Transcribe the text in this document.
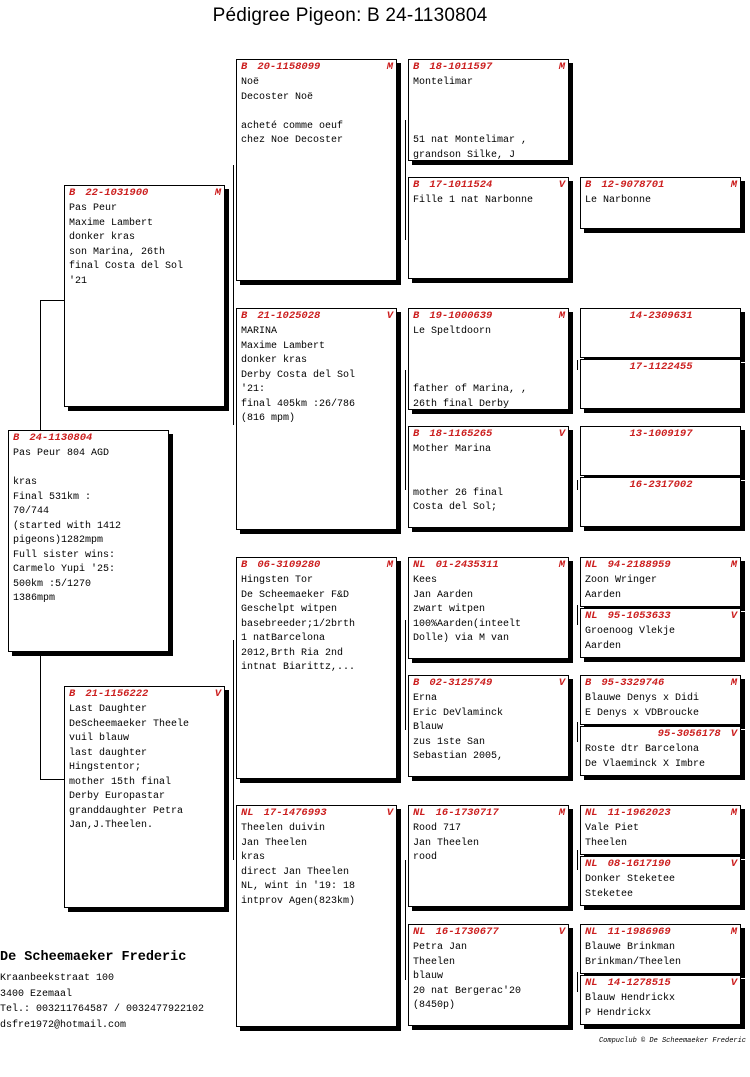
Pédigree Pigeon: B 24-1130804
B 24-1130804
Pas Peur 804 AGD

kras
Final 531km :
70/744
(started with 1412
pigeons)1282mpm
Full sister wins:
Carmelo Yupi '25:
500km :5/1270
1386mpm
B 22-1031900	M
Pas Peur
Maxime Lambert
donker kras
son Marina, 26th
final Costa del Sol
'21
B 21-1156222	V
Last Daughter
DeScheemaeker Theele
vuil blauw
last daughter
Hingstentor;
mother 15th final
Derby Europastar
granddaughter Petra
Jan,J.Theelen.
B 20-1158099	M
Noë
Decoster Noë

acheté comme oeuf
chez Noe Decoster
B 21-1025028	V
MARINA
Maxime Lambert
donker kras
Derby Costa del Sol
'21:
final 405km :26/786
(816 mpm)
B 06-3109280	M
Hingsten Tor
De Scheemaeker F&D
Geschelpt witpen
basebreeder;1/2brth
1 natBarcelona
2012,Brth Ria 2nd
intnat Biarittz,...
NL 17-1476993	V
Theelen duivin
Jan Theelen
kras
direct Jan Theelen
NL, wint in '19: 18
intprov Agen(823km)
B 18-1011597	M
Montelimar

51 nat Montelimar ,
grandson Silke, J
B 17-1011524	V
Fille 1 nat Narbonne
B 19-1000639	M
Le Speltdoorn

father of Marina, ,
26th final Derby
B 18-1165265	V
Mother Marina

mother 26 final
Costa del Sol;
NL 01-2435311	M
Kees
Jan Aarden
zwart witpen
100%Aarden(inteelt
Dolle) via M van
B 02-3125749	V
Erna
Eric DeVlaminck
Blauw
zus 1ste San
Sebastian 2005,
NL 16-1730717	M
Rood 717
Jan Theelen
rood
NL 16-1730677	V
Petra Jan
Theelen
blauw
20 nat Bergerac'20
(8450p)
B 12-9078701	M
Le Narbonne
14-2309631
17-1122455
13-1009197
16-2317002
NL 94-2188959	M
Zoon Wringer
Aarden
NL 95-1053633	V
Groenoog Vlekje
Aarden
B 95-3329746	M
Blauwe Denys x Didi
E Denys x VDBroucke
95-3056178 V
Roste dtr Barcelona
De Vlaeminck X Imbre
NL 11-1962023	M
Vale Piet
Theelen
NL 08-1617190	V
Donker Steketee
Steketee
NL 11-1986969	M
Blauwe Brinkman
Brinkman/Theelen
NL 14-1278515	V
Blauw Hendrickx
P Hendrickx
De Scheemaeker Frederic
Kraanbeekstraat 100
3400 Ezemaal
Tel.: 003211764587 / 0032477922102
dsfre1972@hotmail.com
Compuclub © De Scheemaeker Frederic
